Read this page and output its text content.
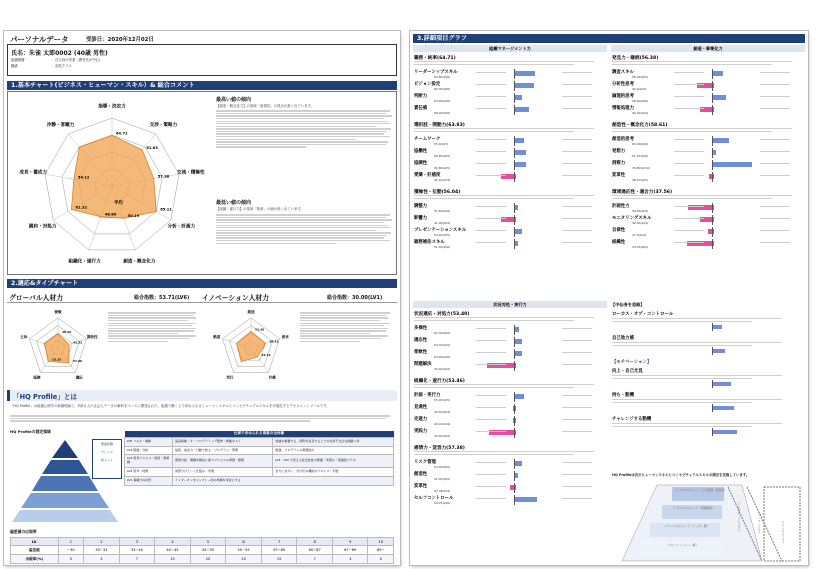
パーソナルデータ	受診日：2020年12月02日
氏名：朱雀 太郎0002 (40歳 男性)
組織階層　　　　　　　　：法人向け営業（蒼営先が中心)
職級　　　　　　　　　　：部長クラス
1.基本チャート(ビジネス・ヒューマン・スキル）& 総合コメント
指導・決定力
交渉・策略力
交流・積極性
分析・計画力
創造・概念化力
組織化・遂行力
親和・対処力
成長・養成力
冷静・客観力
64.71
61.63
57.38
65.11
50.19
48.80
61.32
54.12
平均
最高い値の傾向
【創造・概念化力】の領域「新規性」の得点が最く出ています。
最低い値の傾向
【組織・遂行力】の領域「熱意」の値が低く出ています。
2.適応&タイプチャート
グローバル人材力	総合指数：53.71(LV6) イノベーション人材力	総合指数：30.00(LV1)
俊敏
開放性
適応
協調
主体
48.32
43.32
57.00
53.25
創造
深求
共感
実行
熱意
53.30
50.42
42.12
「HQ Profile」とは
「HQ Profile」は組織心理学の新潮理論と、約6万人の社会人データの解析をベースに開発された、組織で働く上で求められるヒューマンスキルとコンセプチュアルスキルを可視化するアセスメントツールです。
HQ Profileの測定領域
豊富経験
ナレッジ
新人ハイ
仕事で求められる要素の全体像		
LV5 コルネ・戦略	高品戦略・オ・プログラミング監修・戦略のスイ	結論を重要する、閉形を追及する上での好評不完全な価値に対
LV4 組織・分析	協感、成長力・行動で知る・プログラム・管理	組織、プログラムの業務指出
LV3 思考プロセス・熱度・資源積	環境分析、問題を解決に保つプロセスの発展・整理	LV1・LV2 で見える社会性能や整備・実現の「組織的アクの
LV4 思考・特徴	向部分けていく仕組み・実現	自分にまかい、付け出の機能やプロセス・手掛
LV1 基礎分の持続	インターオンをシンズレー的の発揮を可能にする	
偏差値の出現率
LV	1	2	3	4	5	6	7	8	9	10
偏差値	~30	30~33	33~40	40~45	45~50	50~55	55~60	60~67	67~69	69~
出現率(%)	5	3	7	15	20	20	15	7	3	5
3.詳細項目グラフ
組織マネージメント力	創造・事業化力
職務・統率(64.71)
リーダーシップスキル
62.80(LV6)
ビジョン設定
62.30(LV6)
判断力
54.00(LV5)
責任感
58.40(LV6)
選択肢・開動力(63.83)
チームワーク
55.0(LV7)
協働性
56.80(LV5)
協調性
56.80(LV5)
愛嬌・好感度
41.43(LV4)
積極性・伝動(56.04)
調整力
51.60(LV6)
影響力
41.00(LV4)
プレゼンテーションスキル
54.00(LV5)
雑務補佐スキル
51.00(LV6)
発見力・継続(56.38)
調査スキル
56.30(LV5)
分析性思考
40.0(LV4)
論理的思考
58.00(LV6)
情報処理力
42.00(LV4)
創造性・概念化力(58.61)
創造的思考
60.00(LV6)
発想力
51.03(LV5)
洞察力
76.80(LV10)
変革性
48.10(LV5)
環境適応性・適合力(37.56)
計画性力
34.00(LV2)
モニタリングスキル
42.00(LV4)
自律性
47.0(LV4)
組織性
33.43(LV2)
状況対処・実行力
状況適応・対処力(53.40)
多様性
52.30(LV5)
適応性
54.30(LV5)
柔軟性
54.00(LV5)
問題解決
32.00(LV2)
組織化・遂行力(53.46)
計画・実行力
55.00(LV5)
見通性
49.50(LV4)
完遂力
49.00(LV4)
実践力
33.00(LV2)
感情力・変容力(57.38)
リスク管理
54.00(LV5)
創造性
51.00(LV5)
変革性
47.38(LV4)
セルフコントロール
64.21(LV6)
【中仙身を思路】
ローカス・オブ・コントロール
自己効力感
【モチベーション】
向上・自己尤見
持ち・動機
チャレンジする動機
HQ Profileは次のヒューマンスキルとコンセプチュアルスキルの測定を実施しています。
トップマネジメント（上位管理・経営者）
ミドルマネジメント（管理職等）
ロワーマネジメント（リーダー層）
スタッフ（メンバー層）
コンセプチュアルスキル	ヒューマンスキル	テクニカルスキル
